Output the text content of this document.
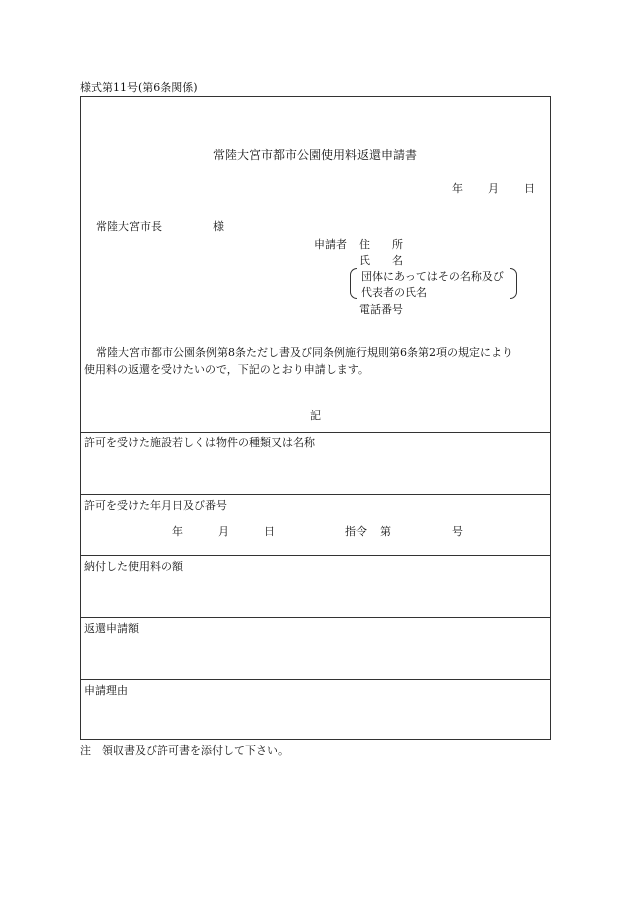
様式第11号(第6条関係)
常陸大宮市都市公園使用料返還申請書
年 月 日
常陸大宮市長	様
申請者 住　　所
氏　　名
団体にあってはその名称及び
代表者の氏名
電話番号
常陸大宮市都市公園条例第8条ただし書及び同条例施行規則第6条第2項の規定により
使用料の返還を受けたいので，下記のとおり申請します。
記
許可を受けた施設若しくは物件の種類又は名称
許可を受けた年月日及び番号
年	月	日	指令 第	号
納付した使用料の額
返還申請額
申請理由
注　領収書及び許可書を添付して下さい。
